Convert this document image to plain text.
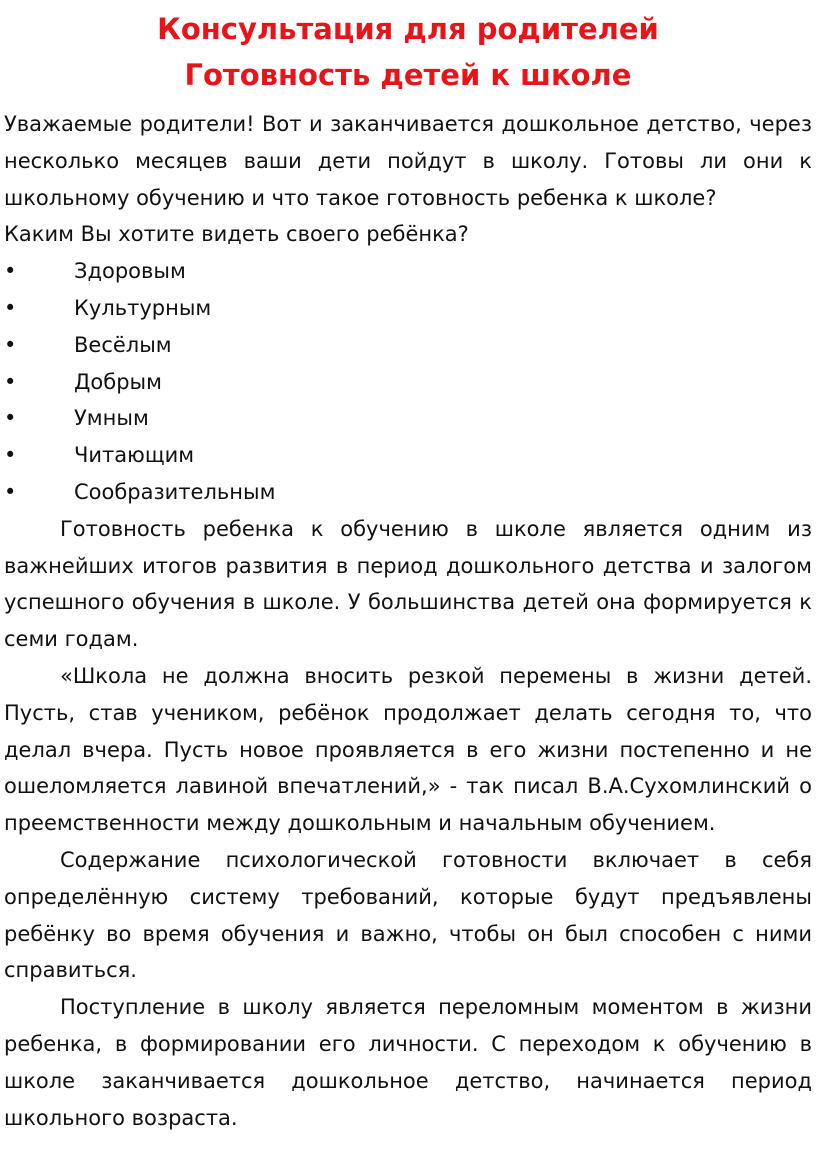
Консультация для родителей
Готовность детей к школе

Уважаемые родители! Вот и заканчивается дошкольное детство, через несколько месяцев ваши дети пойдут в школу. Готовы ли они к школьному обучению и что такое готовность ребенка к школе?

Каким Вы хотите видеть своего ребёнка?

•	Здоровым
•	Культурным
•	Весёлым
•	Добрым
•	Умным
•	Читающим
•	Сообразительным

Готовность ребенка к обучению в школе является одним из важнейших итогов развития в период дошкольного детства и залогом успешного обучения в школе. У большинства детей она формируется к семи годам.

«Школа не должна вносить резкой перемены в жизни детей. Пусть, став учеником, ребёнок продолжает делать сегодня то, что делал вчера. Пусть новое проявляется в его жизни постепенно и не ошеломляется лавиной впечатлений,» - так писал В.А.Сухомлинский о преемственности между дошкольным и начальным обучением.

Содержание психологической готовности включает в себя определённую систему требований, которые будут предъявлены ребёнку во время обучения и важно, чтобы он был способен с ними справиться.

Поступление в школу является переломным моментом в жизни ребенка, в формировании его личности. С переходом к обучению в школе заканчивается дошкольное детство, начинается период школьного возраста.
